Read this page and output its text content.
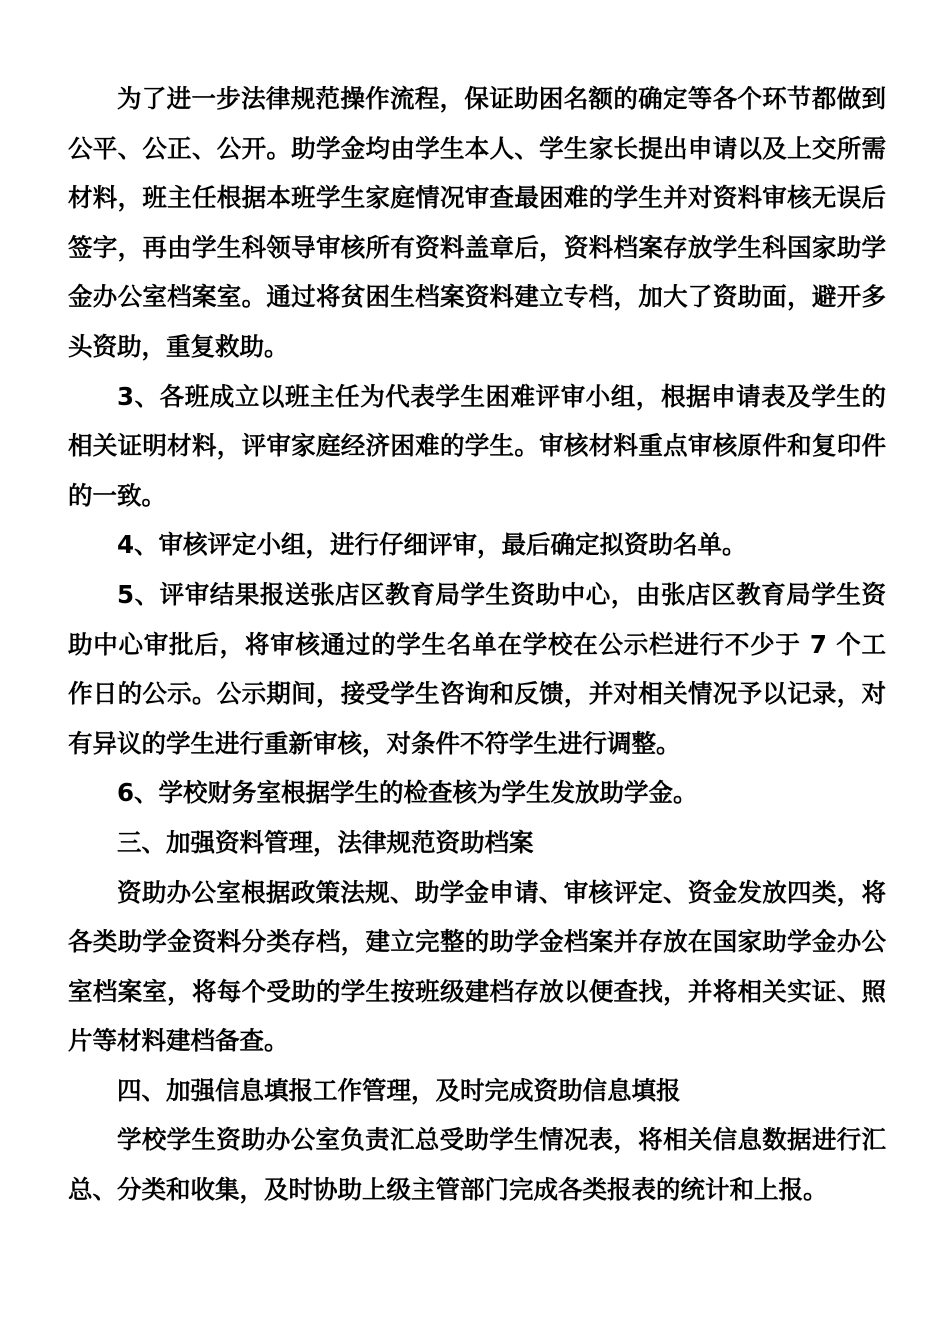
为了进一步法律规范操作流程，保证助困名额的确定等各个环节都做到公平、公正、公开。助学金均由学生本人、学生家长提出申请以及上交所需材料，班主任根据本班学生家庭情况审查最困难的学生并对资料审核无误后签字，再由学生科领导审核所有资料盖章后，资料档案存放学生科国家助学金办公室档案室。通过将贫困生档案资料建立专档，加大了资助面，避开多头资助，重复救助。

3、各班成立以班主任为代表学生困难评审小组，根据申请表及学生的相关证明材料，评审家庭经济困难的学生。审核材料重点审核原件和复印件的一致。

4、审核评定小组，进行仔细评审，最后确定拟资助名单。

5、评审结果报送张店区教育局学生资助中心，由张店区教育局学生资助中心审批后，将审核通过的学生名单在学校在公示栏进行不少于 7 个工作日的公示。公示期间，接受学生咨询和反馈，并对相关情况予以记录，对有异议的学生进行重新审核，对条件不符学生进行调整。

6、学校财务室根据学生的检查核为学生发放助学金。

三、加强资料管理，法律规范资助档案

资助办公室根据政策法规、助学金申请、审核评定、资金发放四类，将各类助学金资料分类存档，建立完整的助学金档案并存放在国家助学金办公室档案室，将每个受助的学生按班级建档存放以便查找，并将相关实证、照片等材料建档备查。

四、加强信息填报工作管理，及时完成资助信息填报

学校学生资助办公室负责汇总受助学生情况表，将相关信息数据进行汇总、分类和收集，及时协助上级主管部门完成各类报表的统计和上报。
